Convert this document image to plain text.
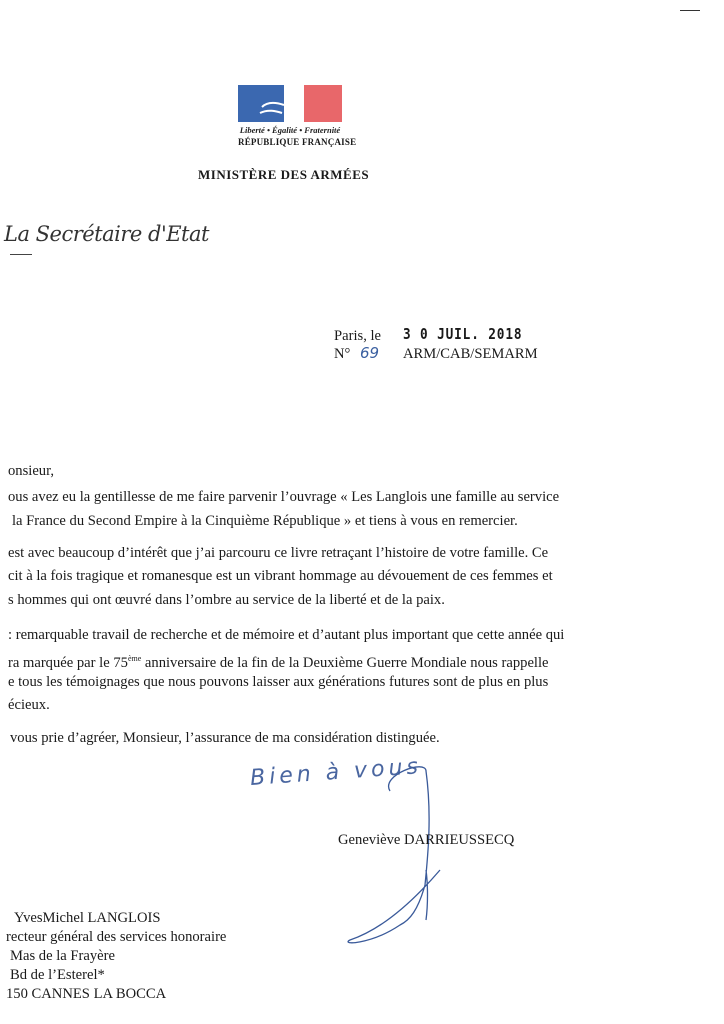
Liberté • Égalité • Fraternité
RÉPUBLIQUE FRANÇAISE
MINISTÈRE DES ARMÉES
La Secrétaire d'Etat
Paris, le 3 0 JUIL. 2018
N° 69 ARM/CAB/SEMARM
onsieur,
ous avez eu la gentillesse de me faire parvenir l’ouvrage « Les Langlois une famille au service
la France du Second Empire à la Cinquième République » et tiens à vous en remercier.
est avec beaucoup d’intérêt que j’ai parcouru ce livre retraçant l’histoire de votre famille. Ce
cit à la fois tragique et romanesque est un vibrant hommage au dévouement de ces femmes et
s hommes qui ont œuvré dans l’ombre au service de la liberté et de la paix.
: remarquable travail de recherche et de mémoire et d’autant plus important que cette année qui
ra marquée par le 75ème anniversaire de la fin de la Deuxième Guerre Mondiale nous rappelle
e tous les témoignages que nous pouvons laisser aux générations futures sont de plus en plus
écieux.
vous prie d’agréer, Monsieur, l’assurance de ma considération distinguée.
Bien à vous
Geneviève DARRIEUSSECQ
YvesMichel LANGLOIS
recteur général des services honoraire
Mas de la Frayère
Bd de l’Esterel*
150 CANNES LA BOCCA
